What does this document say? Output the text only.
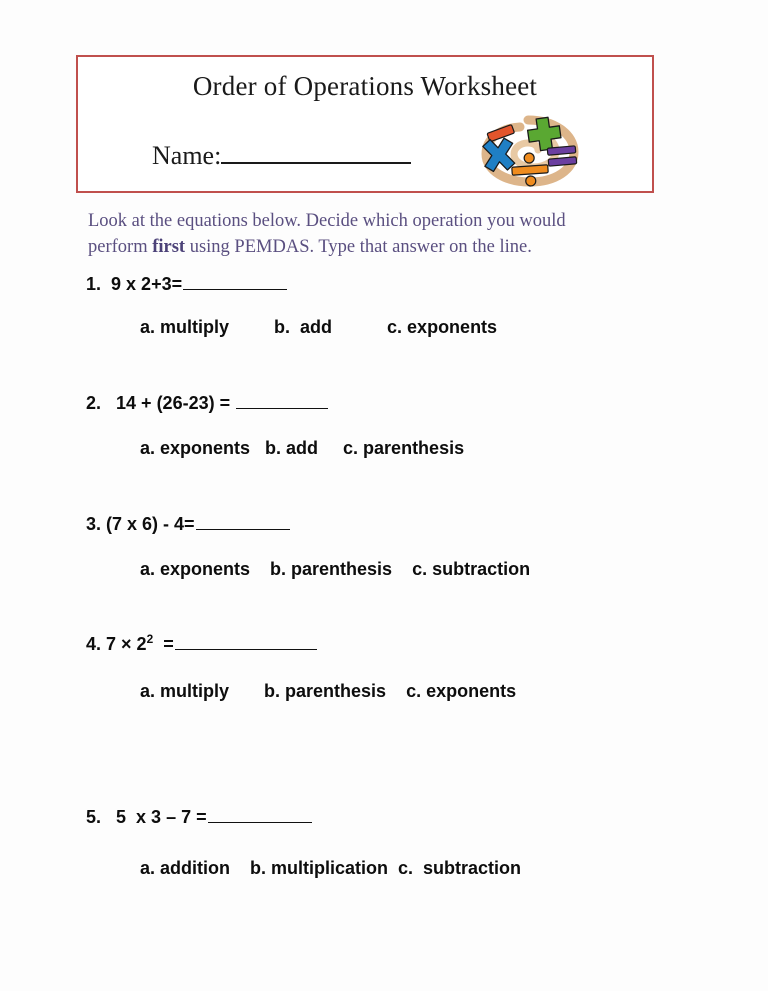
Order of Operations Worksheet
Name:
Look at the equations below. Decide which operation you would perform first using PEMDAS. Type that answer on the line.
1. 9 x 2+3=
a. multiply         b.  add           c. exponents
2. 14 + (26-23) =
a. exponents   b. add     c. parenthesis
3. (7 x 6) - 4=
a. exponents    b. parenthesis    c. subtraction
4. $7 \times 2^2$  =
a. multiply       b. parenthesis    c. exponents
5. 5  x 3 – 7 =
a. addition    b. multiplication  c.  subtraction
